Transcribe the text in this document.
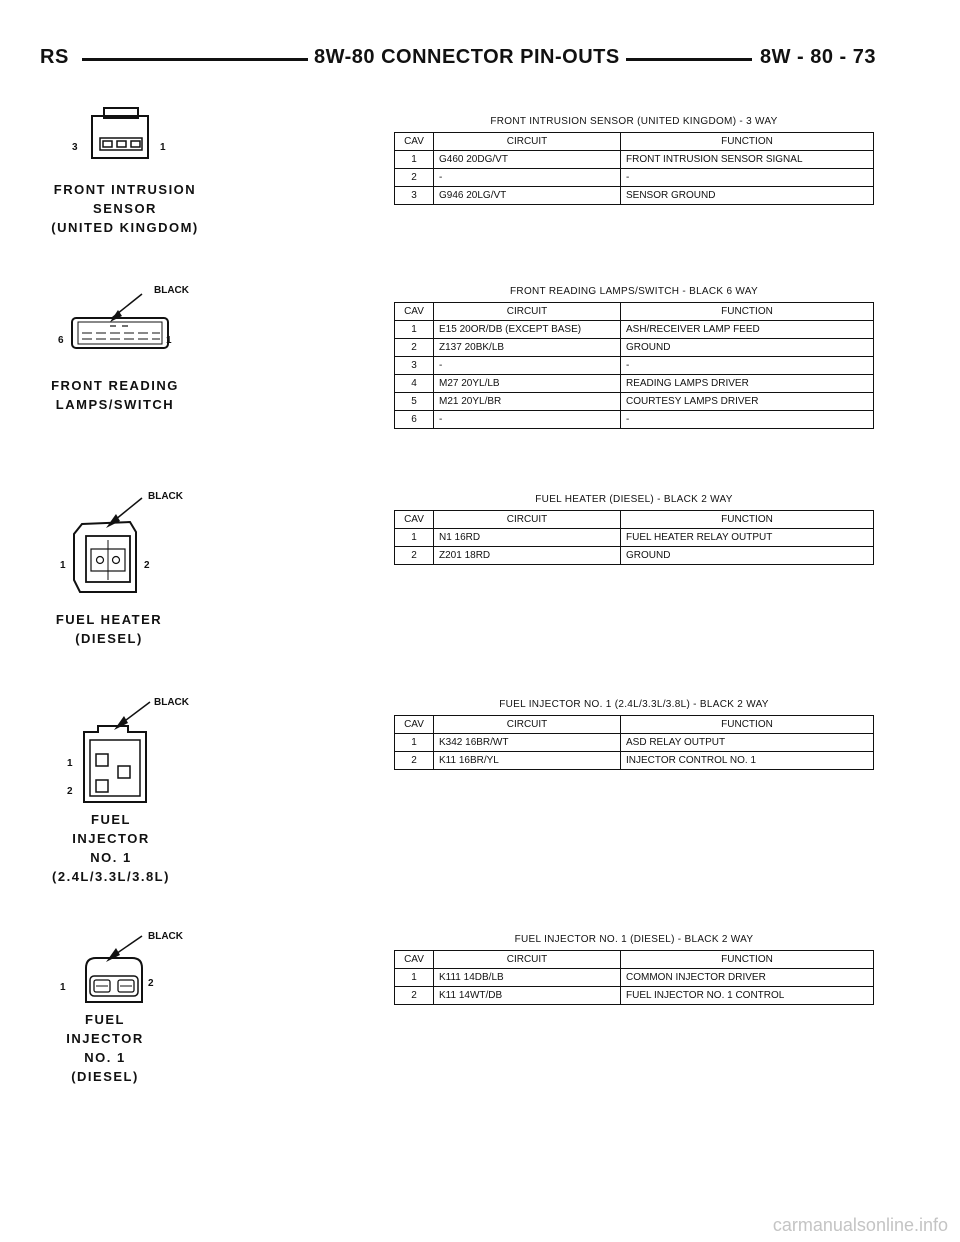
RS	8W-80 CONNECTOR PIN-OUTS	8W - 80 - 73
3	1
FRONT INTRUSION
SENSOR
(UNITED KINGDOM)
FRONT INTRUSION SENSOR (UNITED KINGDOM) - 3 WAY
CAV	CIRCUIT	FUNCTION
1	G460 20DG/VT	FRONT INTRUSION SENSOR SIGNAL
2	-	-
3	G946 20LG/VT	SENSOR GROUND
BLACK
6	1
FRONT READING
LAMPS/SWITCH
FRONT READING LAMPS/SWITCH - BLACK 6 WAY
CAV	CIRCUIT	FUNCTION
1	E15 20OR/DB (EXCEPT BASE)	ASH/RECEIVER LAMP FEED
2	Z137 20BK/LB	GROUND
3	-	-
4	M27 20YL/LB	READING LAMPS DRIVER
5	M21 20YL/BR	COURTESY LAMPS DRIVER
6	-	-
BLACK
1	2
FUEL HEATER
(DIESEL)
FUEL HEATER (DIESEL) - BLACK 2 WAY
CAV	CIRCUIT	FUNCTION
1	N1 16RD	FUEL HEATER RELAY OUTPUT
2	Z201 18RD	GROUND
BLACK
1
2
FUEL
INJECTOR
NO. 1
(2.4L/3.3L/3.8L)
FUEL INJECTOR NO. 1 (2.4L/3.3L/3.8L) - BLACK 2 WAY
CAV	CIRCUIT	FUNCTION
1	K342 16BR/WT	ASD RELAY OUTPUT
2	K11 16BR/YL	INJECTOR CONTROL NO. 1
BLACK
1	2
FUEL
INJECTOR
NO. 1
(DIESEL)
FUEL INJECTOR NO. 1 (DIESEL) - BLACK 2 WAY
CAV	CIRCUIT	FUNCTION
1	K111 14DB/LB	COMMON INJECTOR DRIVER
2	K11 14WT/DB	FUEL INJECTOR NO. 1 CONTROL
carmanualsonline.info
